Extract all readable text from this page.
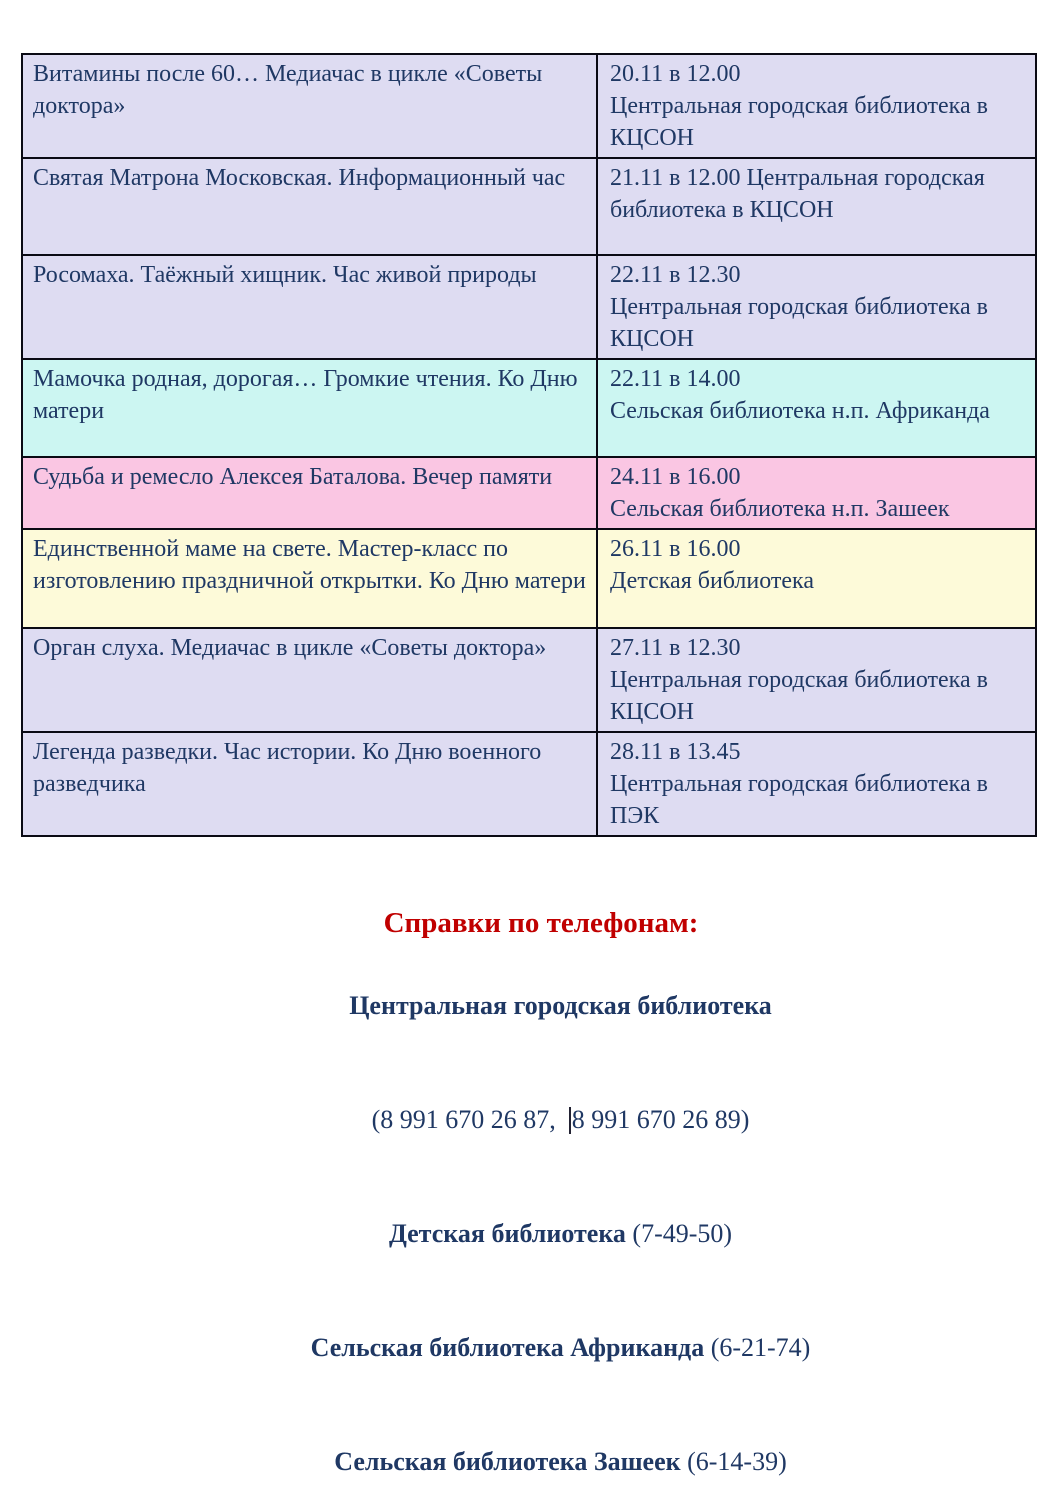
Витамины после 60… Медиачас в цикле «Советы доктора»	20.11 в 12.00
Центральная городская библиотека в КЦСОН
Святая Матрона Московская. Информационный час	21.11 в 12.00 Центральная городская библиотека в КЦСОН
Росомаха. Таёжный хищник. Час живой природы	22.11 в 12.30
Центральная городская библиотека в КЦСОН
Мамочка родная, дорогая… Громкие чтения. Ко Дню матери	22.11 в 14.00
Сельская библиотека н.п. Африканда
Судьба и ремесло Алексея Баталова. Вечер памяти	24.11 в 16.00
Сельская библиотека н.п. Зашеек
Единственной маме на свете. Мастер-класс по изготовлению праздничной открытки. Ко Дню матери	26.11 в 16.00
Детская библиотека
Орган слуха. Медиачас в цикле «Советы доктора»	27.11 в 12.30
Центральная городская библиотека в КЦСОН
Легенда разведки. Час истории. Ко Дню военного разведчика	28.11 в 13.45
Центральная городская библиотека в ПЭК
Справки по телефонам:

Центральная городская библиотека

(8 991 670 26 87,  8 991 670 26 89)

Детская библиотека (7-49-50)

Сельская библиотека Африканда (6-21-74)

Сельская библиотека Зашеек (6-14-39)
